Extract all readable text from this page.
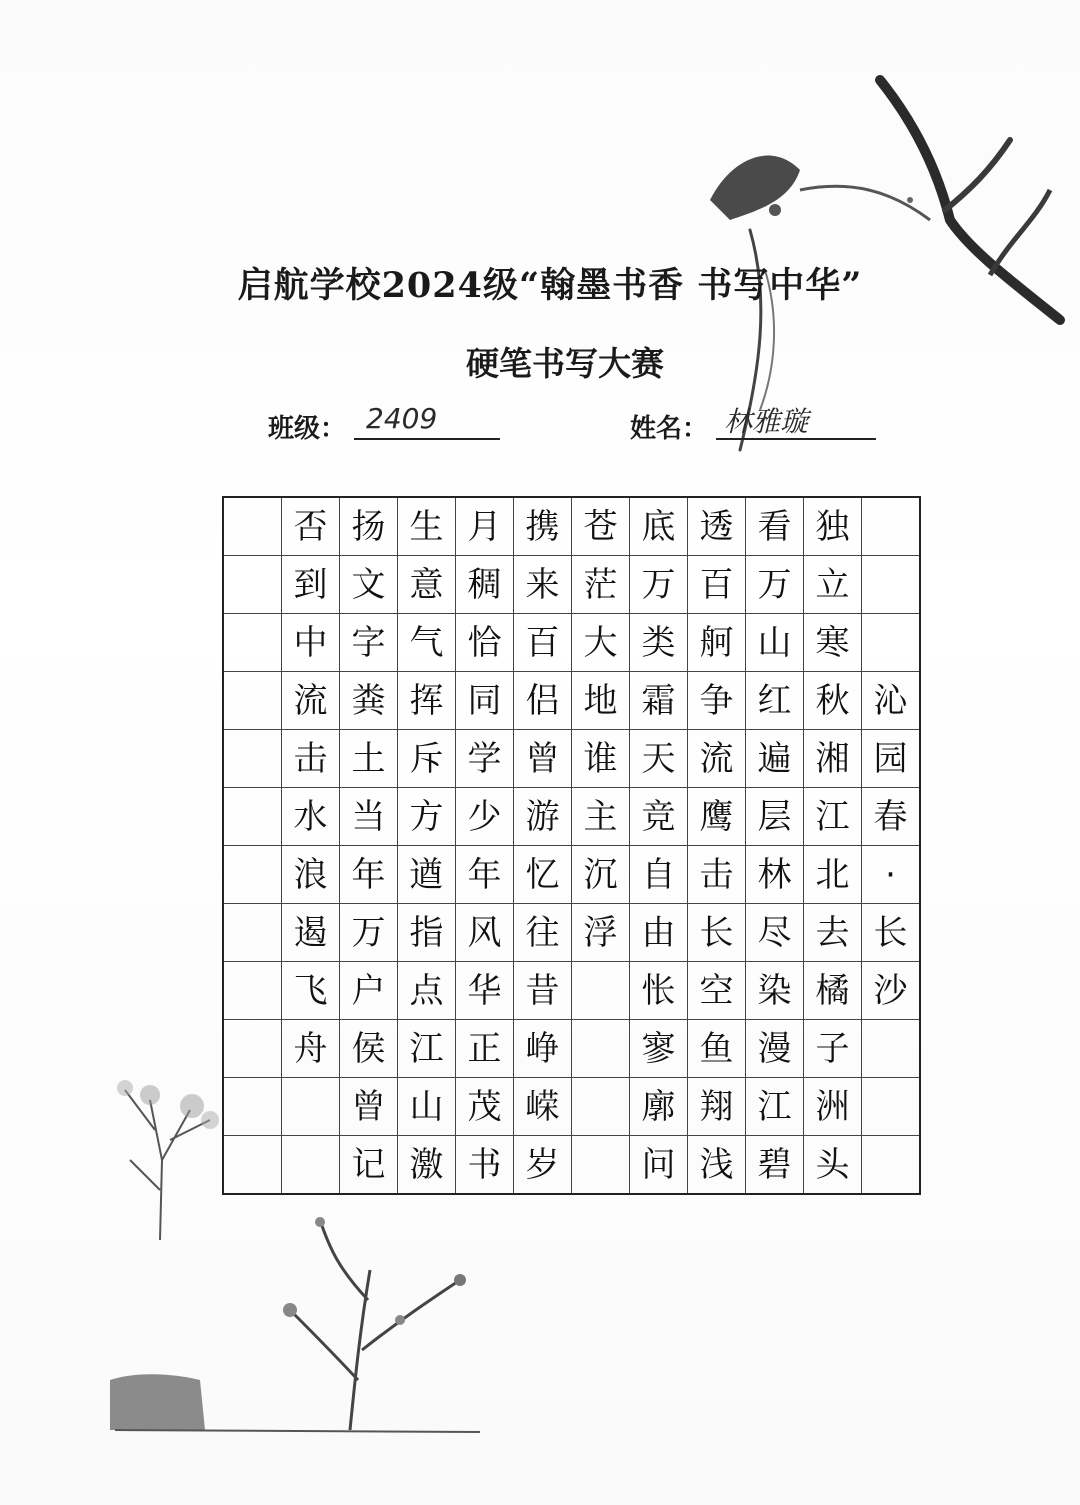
启航学校2024级“翰墨书香 书写中华”
硬笔书写大赛
班级： 2409	姓名： 林雅璇
	否	扬	生	月	携	苍	底	透	看	独	
	到	文	意	稠	来	茫	万	百	万	立	
	中	字	气	恰	百	大	类	舸	山	寒	
	流	粪	挥	同	侣	地	霜	争	红	秋	沁
	击	土	斥	学	曾	谁	天	流	遍	湘	园
	水	当	方	少	游	主	竞	鹰	层	江	春
	浪	年	遒	年	忆	沉	自	击	林	北	·
	遏	万	指	风	往	浮	由	长	尽	去	长
	飞	户	点	华	昔		怅	空	染	橘	沙
	舟	侯	江	正	峥		寥	鱼	漫	子	
		曾	山	茂	嵘		廓	翔	江	洲	
		记	激	书	岁		问	浅	碧	头	
